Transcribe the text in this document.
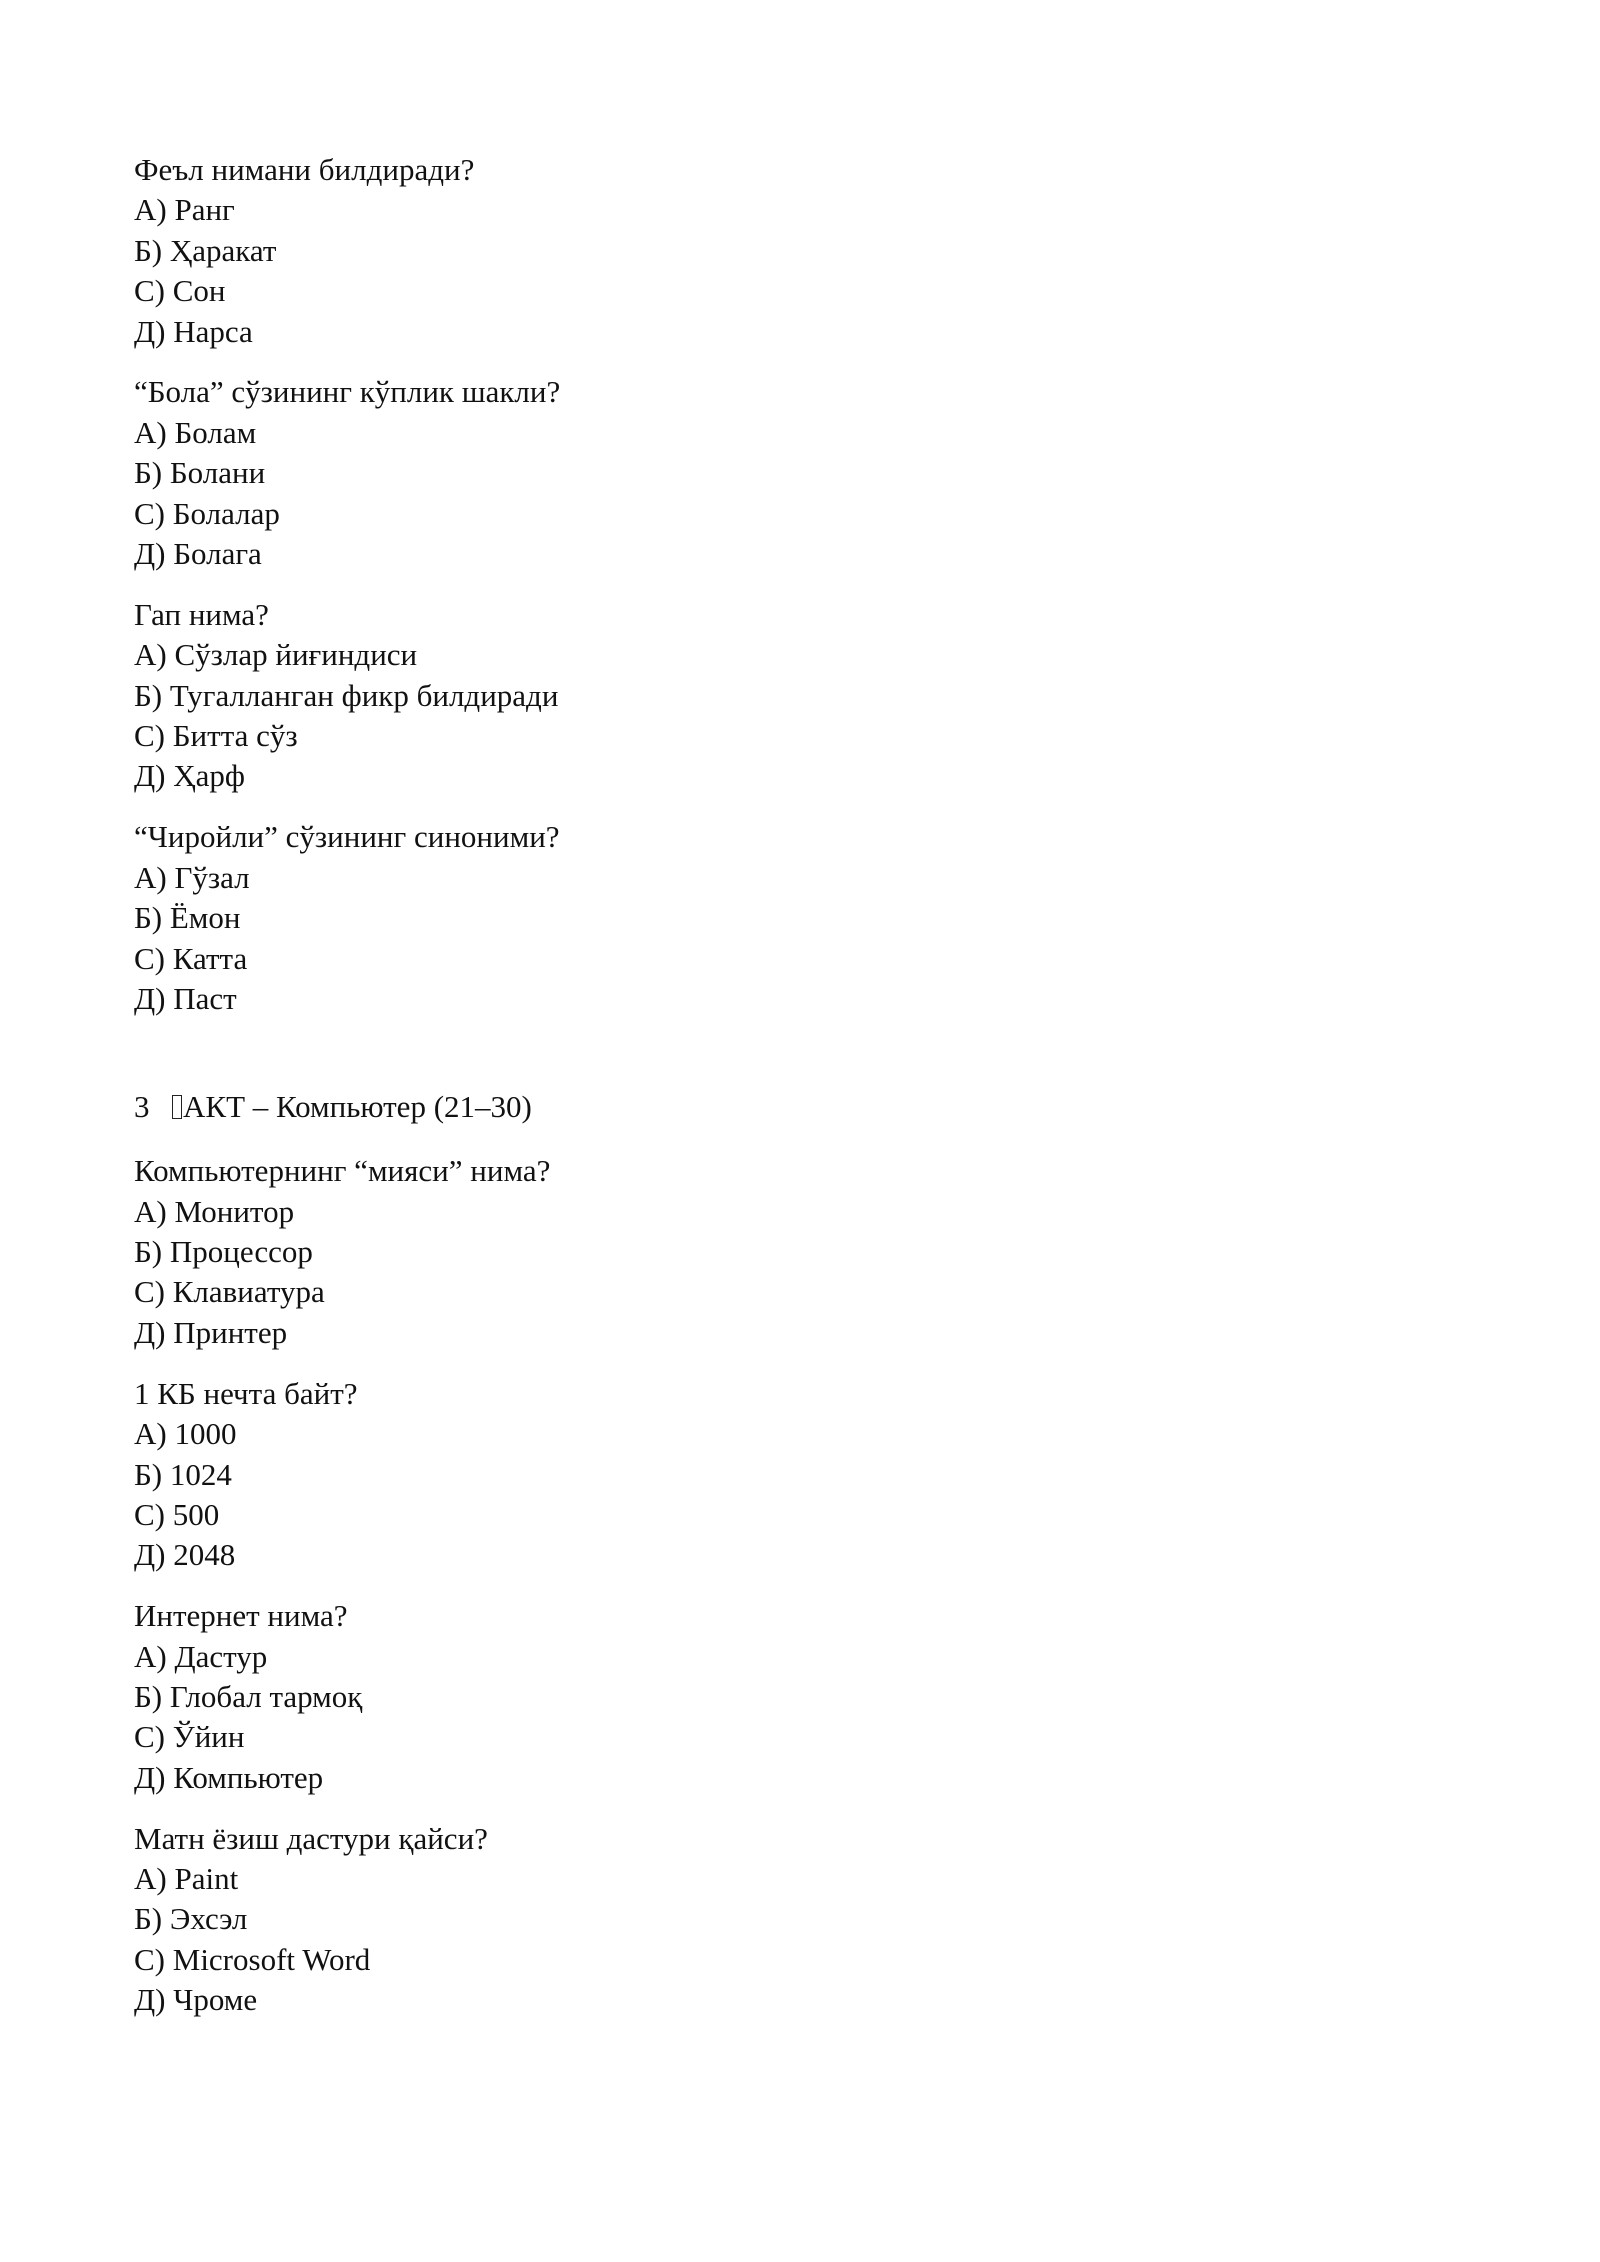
Феъл нимани билдиради?
А) Ранг
Б) Ҳаракат
С) Сон
Д) Нарса
“Бола” сўзининг кўплик шакли?
А) Болам
Б) Болани
С) Болалар
Д) Болага
Гап нима?
А) Сўзлар йиғиндиси
Б) Тугалланган фикр билдиради
С) Битта сўз
Д) Ҳарф
“Чиройли” сўзининг синоними?
А) Гўзал
Б) Ёмон
С) Катта
Д) Паст
3 АКТ – Компьютер (21–30)
Компьютернинг “мияси” нима?
А) Монитор
Б) Процессор
С) Клавиатура
Д) Принтер
1 КБ нечта байт?
А) 1000
Б) 1024
С) 500
Д) 2048
Интернет нима?
А) Дастур
Б) Глобал тармоқ
С) Ўйин
Д) Компьютер
Матн ёзиш дастури қайси?
А) Paint
Б) Эхсэл
С) Microsoft Word
Д) Чроме
